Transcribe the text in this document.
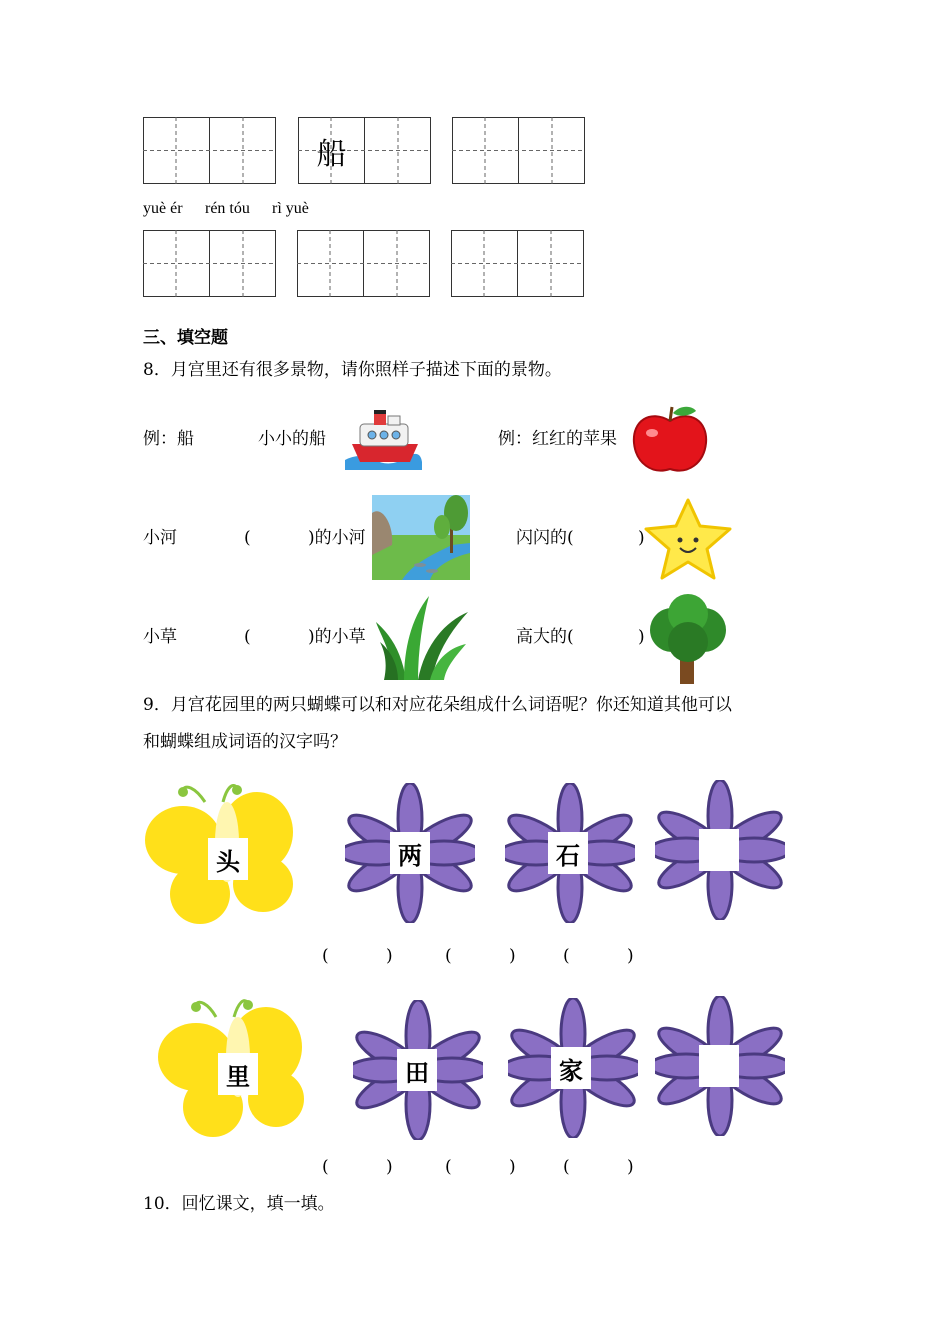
船
yuè ér rén tóu rì yuè
三、填空题
8．月宫里还有很多景物，请你照样子描述下面的景物。
例：船	小小的船	例：红红的苹果
小河	(	)的小河	闪闪的(	)
小草	(	)的小草	高大的(	)
9．月宫花园里的两只蝴蝶可以和对应花朵组成什么词语呢？你还知道其他可以
和蝴蝶组成词语的汉字吗？
头	两	石
(	)	(	)	(	)
里	田	家
(	)	(	)	(	)
10．回忆课文，填一填。
